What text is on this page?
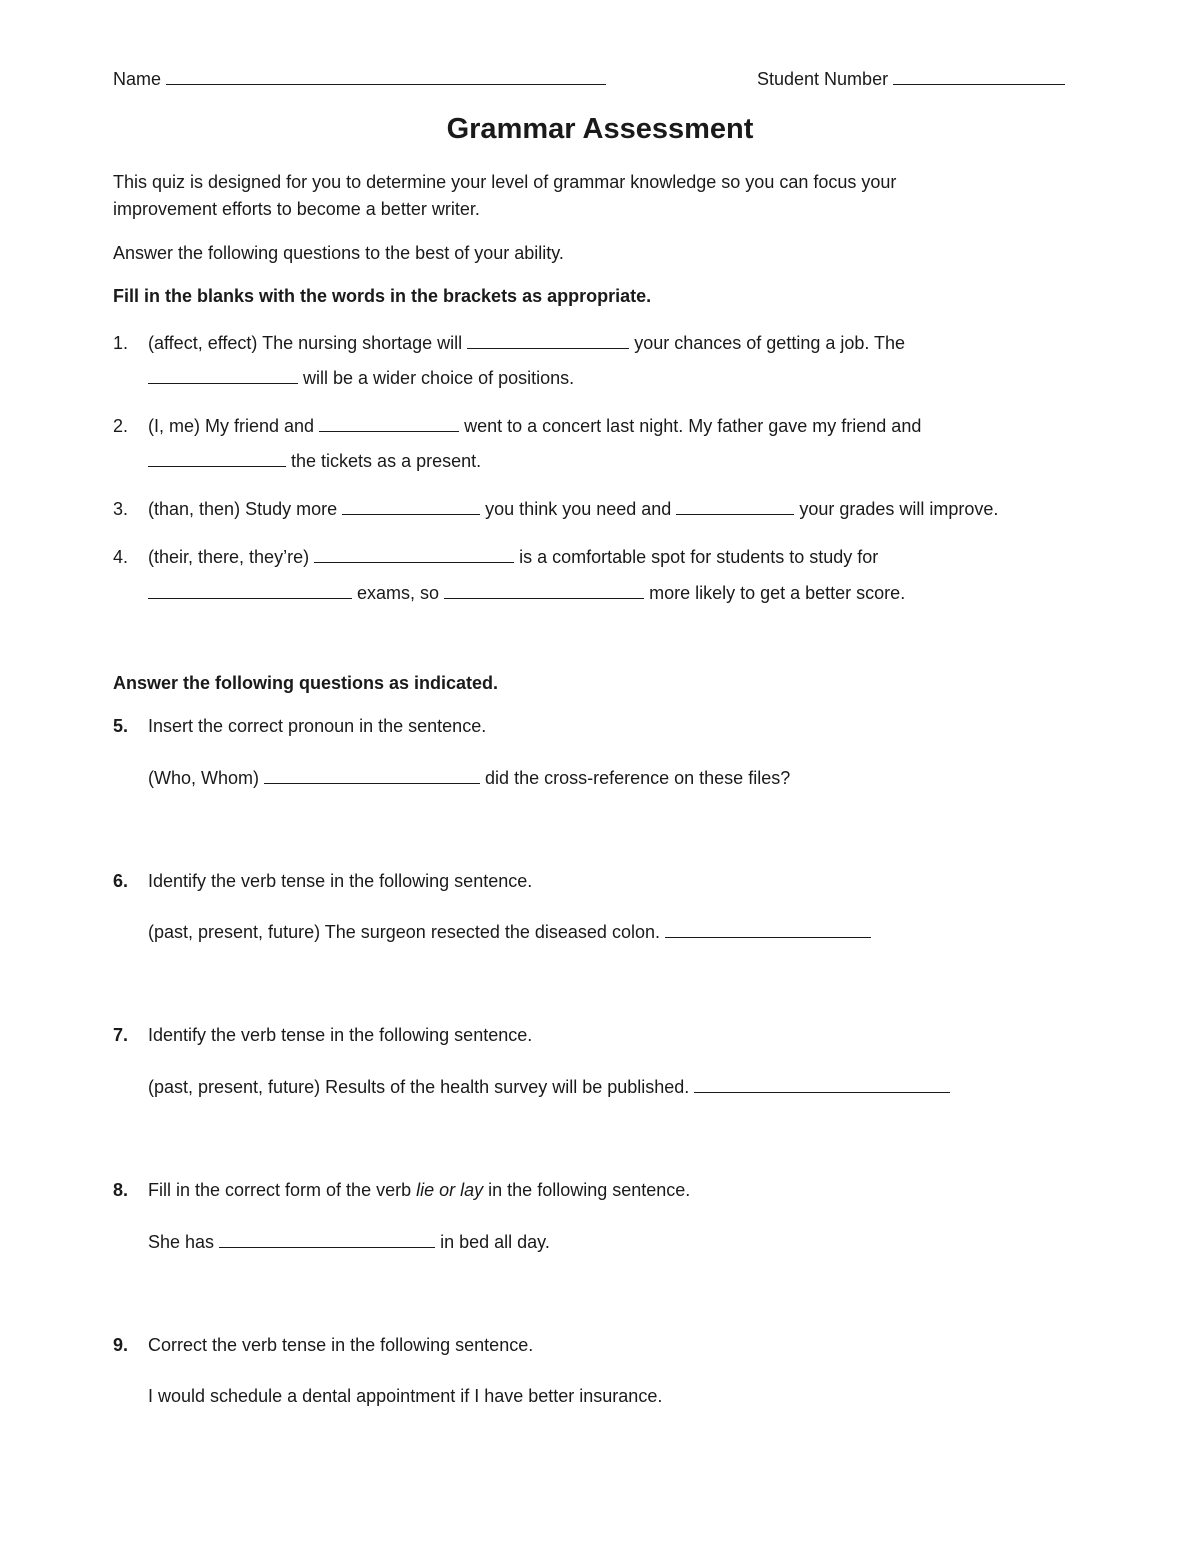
Name	Student Number
Grammar Assessment
This quiz is designed for you to determine your level of grammar knowledge so you can focus your
improvement efforts to become a better writer.
Answer the following questions to the best of your ability.
Fill in the blanks with the words in the brackets as appropriate.
1. (affect, effect) The nursing shortage will	your chances of getting a job. The
will be a wider choice of positions.
2. (I, me) My friend and	went to a concert last night. My father gave my friend and
the tickets as a present.
3. (than, then) Study more	you think you need and	your grades will improve.
4. (their, there, they’re)	is a comfortable spot for students to study for
exams, so	more likely to get a better score.
Answer the following questions as indicated.
5. Insert the correct pronoun in the sentence.
(Who, Whom)	did the cross-reference on these files?
6. Identify the verb tense in the following sentence.
(past, present, future) The surgeon resected the diseased colon.
7. Identify the verb tense in the following sentence.
(past, present, future) Results of the health survey will be published.
8. Fill in the correct form of the verb lie or lay in the following sentence.
She has	in bed all day.
9. Correct the verb tense in the following sentence.
I would schedule a dental appointment if I have better insurance.
